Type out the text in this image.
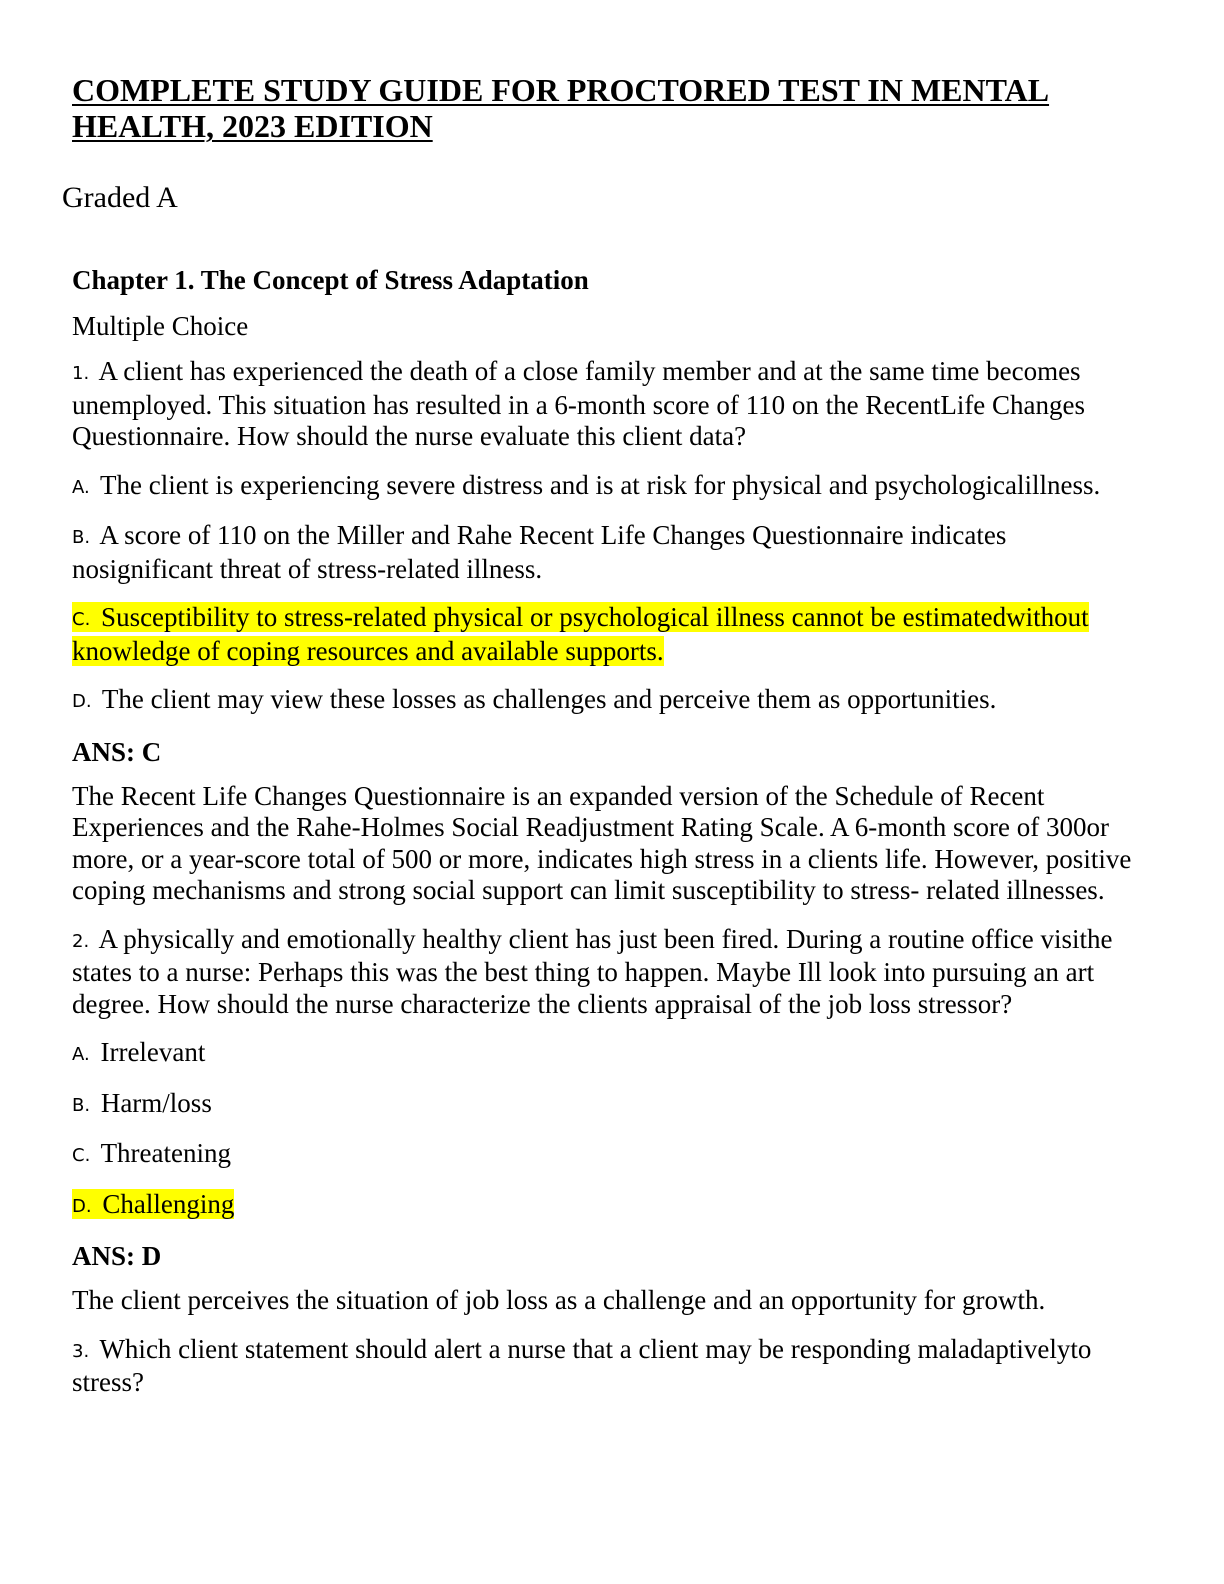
COMPLETE STUDY GUIDE FOR PROCTORED TEST IN MENTAL HEALTH, 2023 EDITION

Graded A

Chapter 1. The Concept of Stress Adaptation

Multiple Choice

1. A client has experienced the death of a close family member and at the same time becomes unemployed. This situation has resulted in a 6-month score of 110 on the RecentLife Changes Questionnaire. How should the nurse evaluate this client data?

A. The client is experiencing severe distress and is at risk for physical and psychologicalillness.

B. A score of 110 on the Miller and Rahe Recent Life Changes Questionnaire indicates nosignificant threat of stress-related illness.

C. Susceptibility to stress-related physical or psychological illness cannot be estimatedwithout knowledge of coping resources and available supports.

D. The client may view these losses as challenges and perceive them as opportunities.

ANS: C

The Recent Life Changes Questionnaire is an expanded version of the Schedule of Recent Experiences and the Rahe-Holmes Social Readjustment Rating Scale. A 6-month score of 300or more, or a year-score total of 500 or more, indicates high stress in a clients life. However, positive coping mechanisms and strong social support can limit susceptibility to stress- related illnesses.

2. A physically and emotionally healthy client has just been fired. During a routine office visithe states to a nurse: Perhaps this was the best thing to happen. Maybe Ill look into pursuing an art degree. How should the nurse characterize the clients appraisal of the job loss stressor?

A. Irrelevant

B. Harm/loss

C. Threatening

D. Challenging

ANS: D

The client perceives the situation of job loss as a challenge and an opportunity for growth.

3. Which client statement should alert a nurse that a client may be responding maladaptivelyto stress?
